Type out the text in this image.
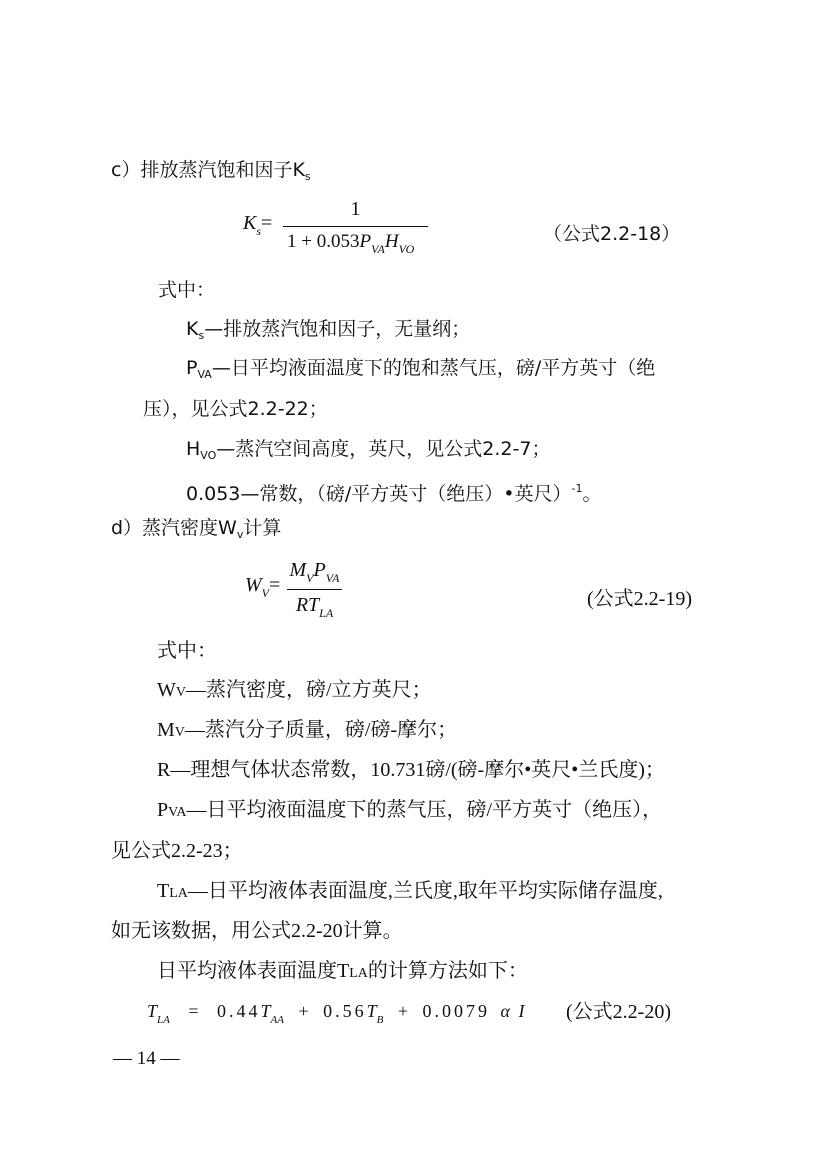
c）排放蒸汽饱和因子$K_s$
$K_s=$
1
$1 + 0.053P_{VA}H_{VO}$
（公式2.2-18）
式中：
$K_s—$排放蒸汽饱和因子，无量纲；
$P_{VA}—$日平均液面温度下的饱和蒸气压，磅/平方英寸（绝
压），见公式2.2-22；
$H_{VO}—$蒸汽空间高度，英尺，见公式2.2-7；
0.053—常数，（磅/平方英寸（绝压）•英尺）$^{-1}$。
d）蒸汽密度$W_v$计算
$W_V=$
$M_VP_{VA}$
$RT_{LA}$
(公式2.2-19)
式中：
WV—蒸汽密度，磅/立方英尺；
MV—蒸汽分子质量，磅/磅-摩尔；
R—理想气体状态常数，10.731磅/(磅-摩尔•英尺•兰氏度)；
PVA—日平均液面温度下的蒸气压，磅/平方英寸（绝压），
见公式2.2-23；
TLA—日平均液体表面温度,兰氏度,取年平均实际储存温度,
如无该数据，用公式2.2-20计算。
日平均液体表面温度TLA的计算方法如下：
$T_{LA} = 0.44T_{AA} + 0.56T_B + 0.0079$ α I (公式2.2-20)
— 14 —
